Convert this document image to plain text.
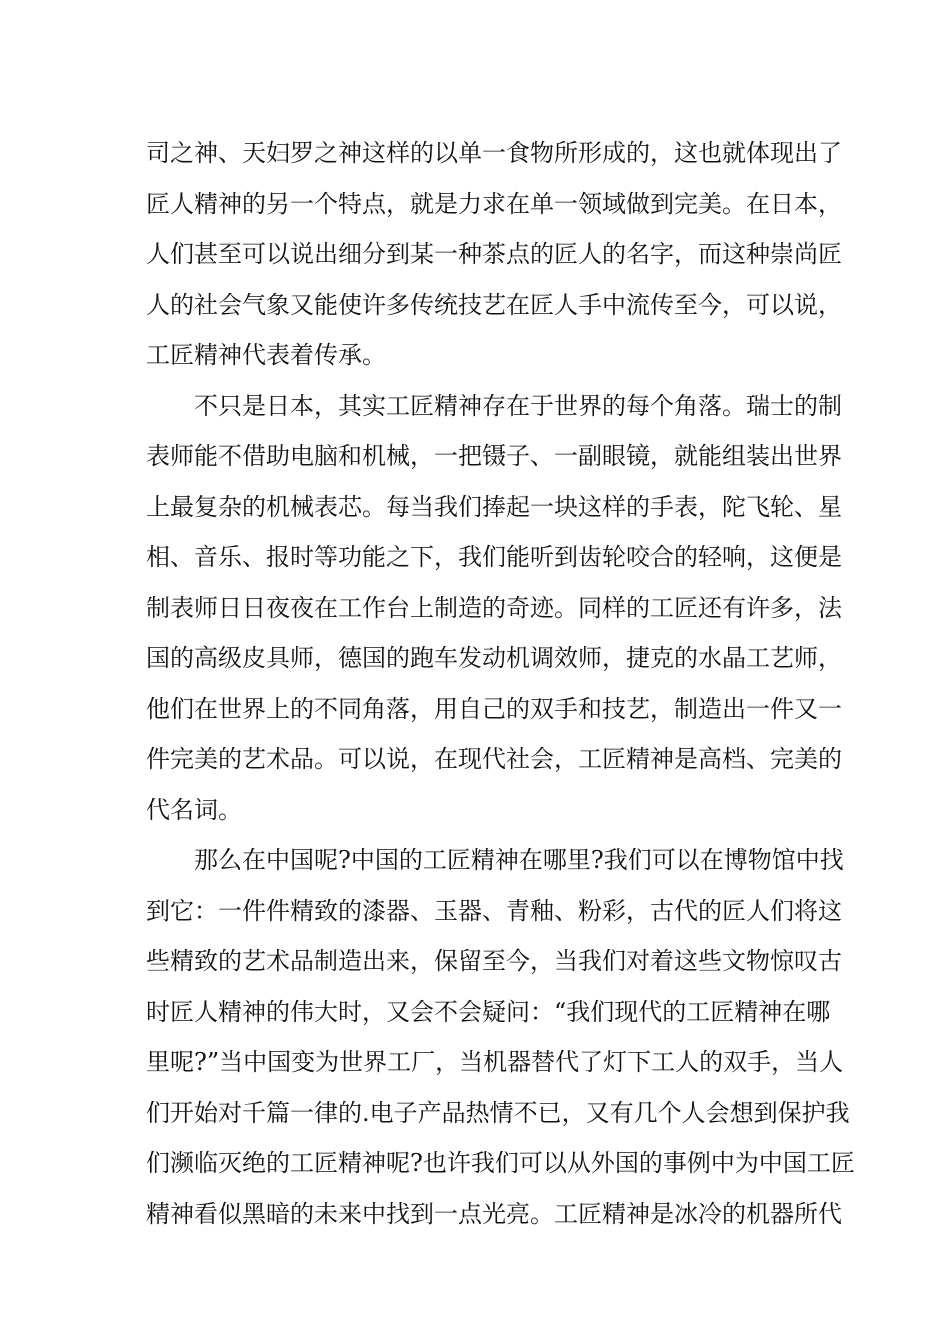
司之神、天妇罗之神这样的以单一食物所形成的，这也就体现出了
匠人精神的另一个特点，就是力求在单一领域做到完美。在日本，
人们甚至可以说出细分到某一种茶点的匠人的名字，而这种崇尚匠
人的社会气象又能使许多传统技艺在匠人手中流传至今，可以说，
工匠精神代表着传承。
不只是日本，其实工匠精神存在于世界的每个角落。瑞士的制
表师能不借助电脑和机械，一把镊子、一副眼镜，就能组装出世界
上最复杂的机械表芯。每当我们捧起一块这样的手表，陀飞轮、星
相、音乐、报时等功能之下，我们能听到齿轮咬合的轻响，这便是
制表师日日夜夜在工作台上制造的奇迹。同样的工匠还有许多，法
国的高级皮具师，德国的跑车发动机调效师，捷克的水晶工艺师，
他们在世界上的不同角落，用自己的双手和技艺，制造出一件又一
件完美的艺术品。可以说，在现代社会，工匠精神是高档、完美的
代名词。
那么在中国呢?中国的工匠精神在哪里?我们可以在博物馆中找
到它：一件件精致的漆器、玉器、青釉、粉彩，古代的匠人们将这
些精致的艺术品制造出来，保留至今，当我们对着这些文物惊叹古
时匠人精神的伟大时，又会不会疑问：“我们现代的工匠精神在哪
里呢?”当中国变为世界工厂，当机器替代了灯下工人的双手，当人
们开始对千篇一律的.电子产品热情不已，又有几个人会想到保护我
们濒临灭绝的工匠精神呢?也许我们可以从外国的事例中为中国工匠
精神看似黑暗的未来中找到一点光亮。工匠精神是冰冷的机器所代
